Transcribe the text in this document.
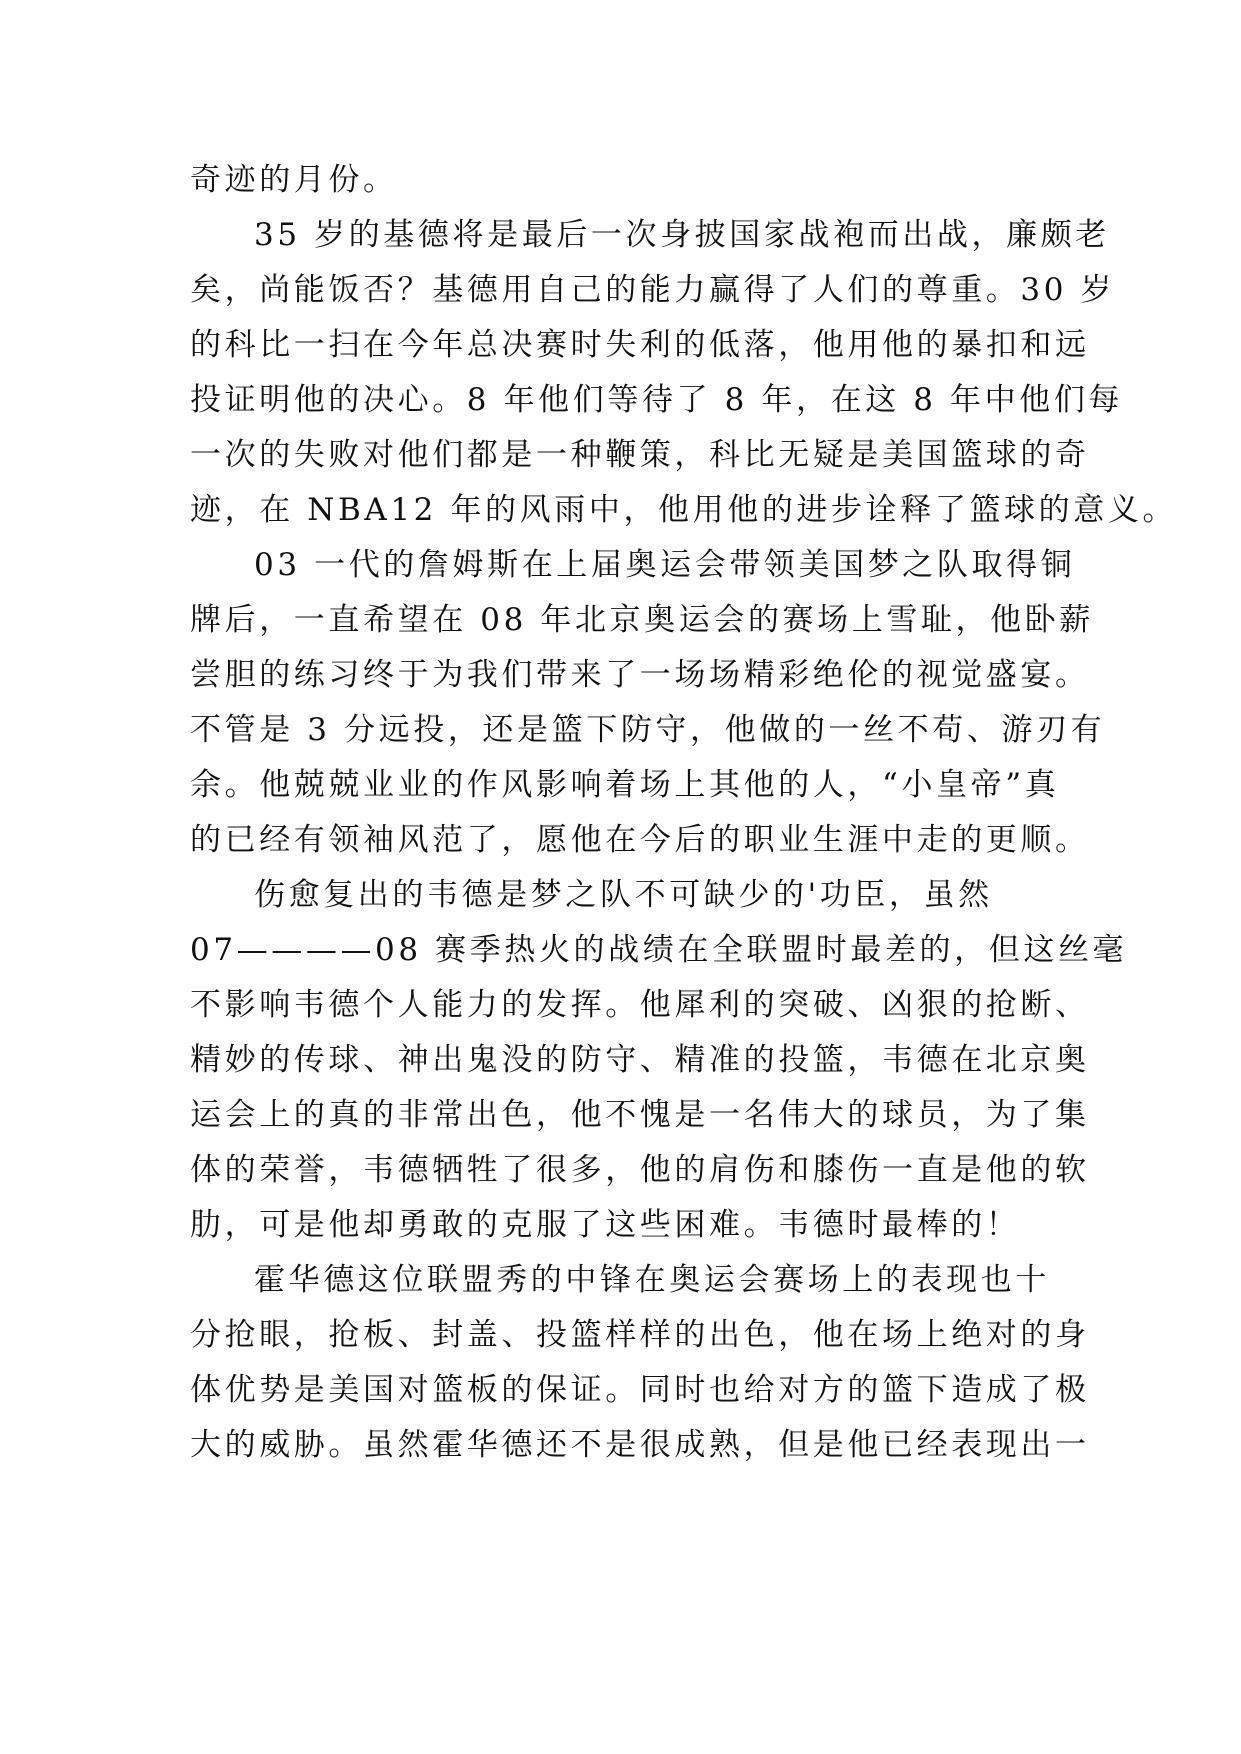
奇迹的月份。
35 岁的基德将是最后一次身披国家战袍而出战，廉颇老
矣，尚能饭否？基德用自己的能力赢得了人们的尊重。30 岁
的科比一扫在今年总决赛时失利的低落，他用他的暴扣和远
投证明他的决心。8 年他们等待了 8 年，在这 8 年中他们每
一次的失败对他们都是一种鞭策，科比无疑是美国篮球的奇
迹，在 NBA12 年的风雨中，他用他的进步诠释了篮球的意义。
03 一代的詹姆斯在上届奥运会带领美国梦之队取得铜
牌后，一直希望在 08 年北京奥运会的赛场上雪耻，他卧薪
尝胆的练习终于为我们带来了一场场精彩绝伦的视觉盛宴。
不管是 3 分远投，还是篮下防守，他做的一丝不苟、游刃有
余。他兢兢业业的作风影响着场上其他的人，“小皇帝”真
的已经有领袖风范了，愿他在今后的职业生涯中走的更顺。
伤愈复出的韦德是梦之队不可缺少的'功臣，虽然
07————08 赛季热火的战绩在全联盟时最差的，但这丝毫
不影响韦德个人能力的发挥。他犀利的突破、凶狠的抢断、
精妙的传球、神出鬼没的防守、精准的投篮，韦德在北京奥
运会上的真的非常出色，他不愧是一名伟大的球员，为了集
体的荣誉，韦德牺牲了很多，他的肩伤和膝伤一直是他的软
肋，可是他却勇敢的克服了这些困难。韦德时最棒的！
霍华德这位联盟秀的中锋在奥运会赛场上的表现也十
分抢眼，抢板、封盖、投篮样样的出色，他在场上绝对的身
体优势是美国对篮板的保证。同时也给对方的篮下造成了极
大的威胁。虽然霍华德还不是很成熟，但是他已经表现出一
